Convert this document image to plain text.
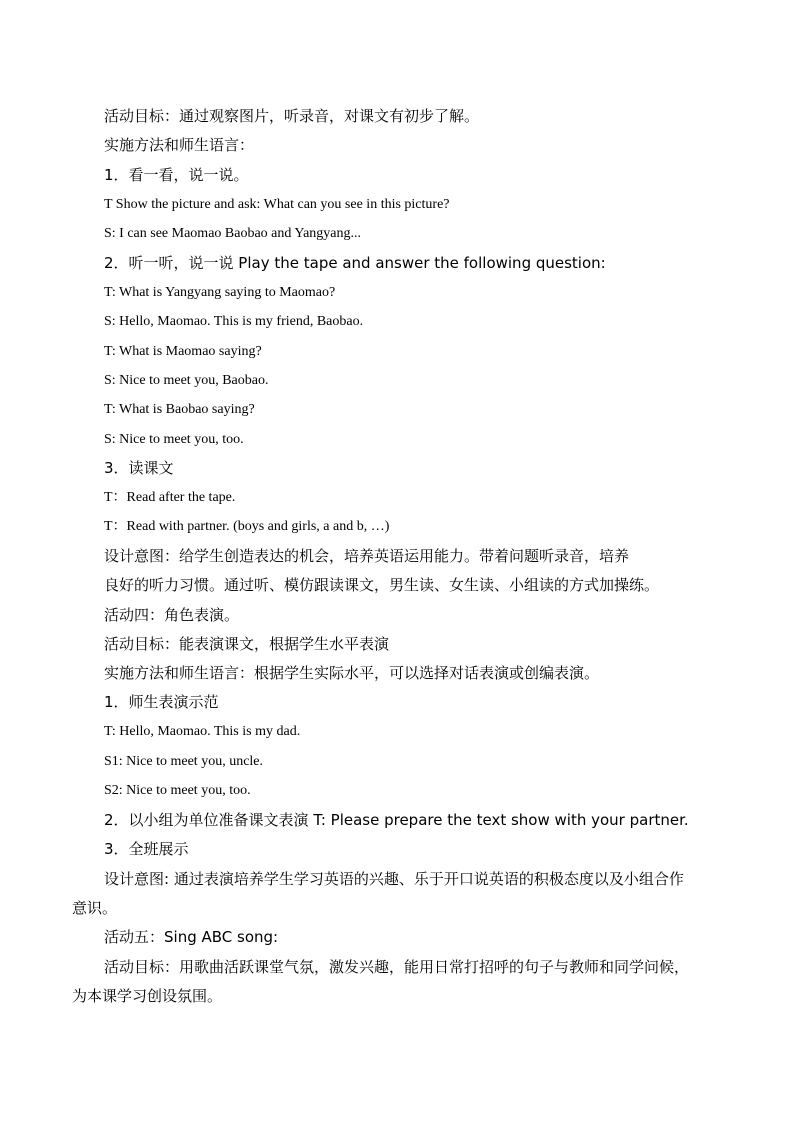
活动目标：通过观察图片，听录音，对课文有初步了解。
实施方法和师生语言：
1．看一看，说一说。
T Show the picture and ask: What can you see in this picture?
S: I can see Maomao Baobao and Yangyang...
2．听一听，说一说 Play the tape and answer the following question:
T: What is Yangyang saying to Maomao?
S: Hello, Maomao. This is my friend, Baobao.
T: What is Maomao saying?
S: Nice to meet you, Baobao.
T: What is Baobao saying?
S: Nice to meet you, too.
3．读课文
T：Read after the tape.
T：Read with partner. (boys and girls, a and b, …)
设计意图：给学生创造表达的机会，培养英语运用能力。带着问题听录音，培养
良好的听力习惯。通过听、模仿跟读课文，男生读、女生读、小组读的方式加操练。
活动四：角色表演。
活动目标：能表演课文，根据学生水平表演
实施方法和师生语言：根据学生实际水平，可以选择对话表演或创编表演。
1．师生表演示范
T: Hello, Maomao. This is my dad.
S1: Nice to meet you, uncle.
S2: Nice to meet you, too.
2．以小组为单位准备课文表演 T: Please prepare the text show with your partner.
3．全班展示
设计意图: 通过表演培养学生学习英语的兴趣、乐于开口说英语的积极态度以及小组合作
意识。
活动五：Sing ABC song:
活动目标：用歌曲活跃课堂气氛，激发兴趣，能用日常打招呼的句子与教师和同学问候，
为本课学习创设氛围。
